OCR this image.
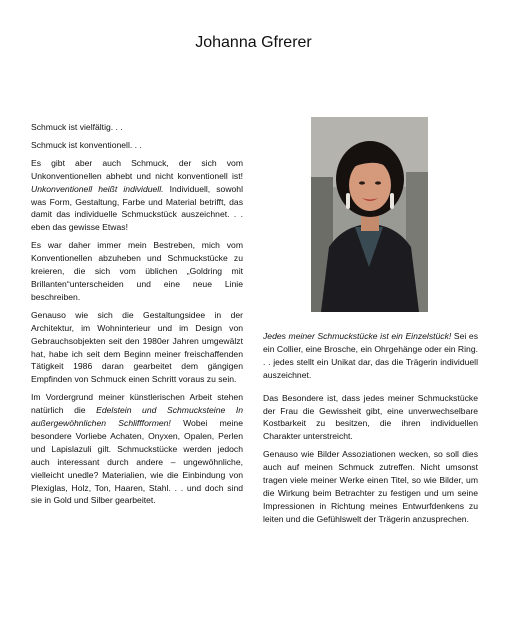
Johanna Gfrerer

Schmuck ist vielfältig. . .

Schmuck ist konventionell. . .

Es gibt aber auch Schmuck, der sich vom Unkonventionellen abhebt und nicht konventionell ist! Unkonventionell heißt individuell. Individuell, sowohl was Form, Gestaltung, Farbe und Material betrifft, das damit das individuelle Schmuckstück auszeichnet. . . eben das gewisse Etwas!

Es war daher immer mein Bestreben, mich vom Konventionellen abzuheben und Schmuckstücke zu kreieren, die sich vom üblichen „Goldring mit Brillanten“unterscheiden und eine neue Linie beschreiben.

Genauso wie sich die Gestaltungsidee in der Architektur, im Wohninterieur und im Design von Gebrauchsobjekten seit den 1980er Jahren umgewälzt hat, habe ich seit dem Beginn meiner freischaffenden Tätigkeit 1986 daran gearbeitet dem gängigen Empfinden von Schmuck einen Schritt voraus zu sein.

Im Vordergrund meiner künstlerischen Arbeit stehen natürlich die Edelstein und Schmucksteine In außergewöhnlichen Schliffformen! Wobei meine besondere Vorliebe Achaten, Onyxen, Opalen, Perlen und Lapislazuli gilt. Schmuckstücke werden jedoch auch interessant durch andere – ungewöhnliche, vielleicht unedle? Materialien, wie die Einbindung von Plexiglas, Holz, Ton, Haaren, Stahl. . . und doch sind sie in Gold und Silber gearbeitet.

Jedes meiner Schmuckstücke ist ein Einzelstück! Sei es ein Collier, eine Brosche, ein Ohrgehänge oder ein Ring. . . jedes stellt ein Unikat dar, das die Trägerin individuell auszeichnet.

Das Besondere ist, dass jedes meiner Schmuckstücke der Frau die Gewissheit gibt, eine unverwechselbare Kostbarkeit zu besitzen, die ihren individuellen Charakter unterstreicht.

Genauso wie Bilder Assoziationen wecken, so soll dies auch auf meinen Schmuck zutreffen. Nicht umsonst tragen viele meiner Werke einen Titel, so wie Bilder, um die Wirkung beim Betrachter zu festigen und um seine Impressionen in Richtung meines Entwurfdenkens zu leiten und die Gefühlswelt der Trägerin anzusprechen.
